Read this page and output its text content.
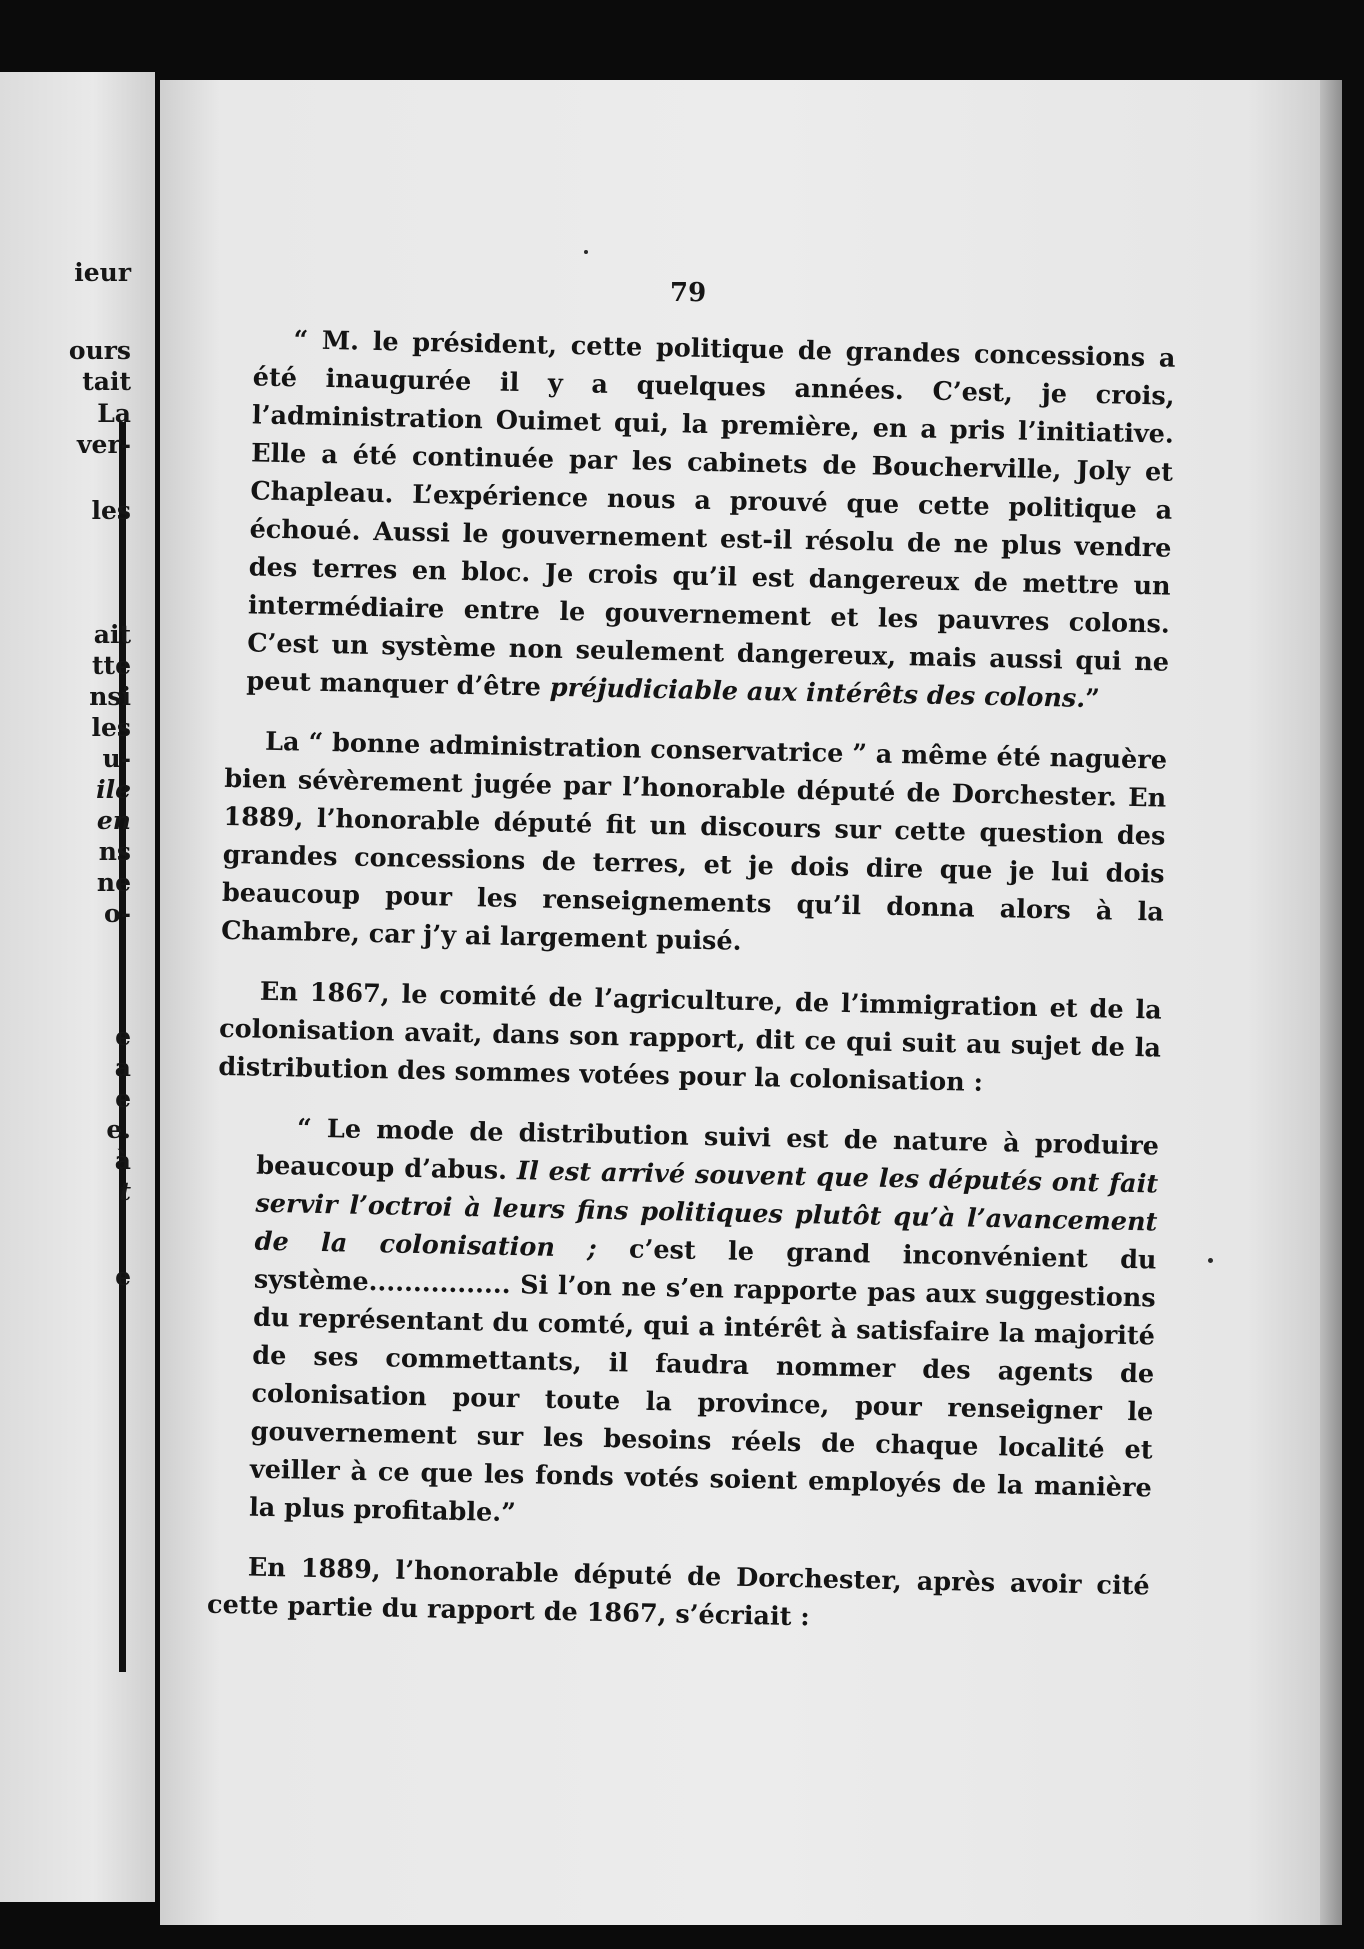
ieur
ours
tait
La
ver-
les
ait
tte
nsi
les
u-
ile
en
ns
ne
o-
e
a
e
e.
à
t
e
79

“ M. le président, cette politique de grandes concessions a été inaugurée il y a quelques années. C’est, je crois, l’administration Ouimet qui, la première, en a pris l’initiative. Elle a été continuée par les cabinets de Boucherville, Joly et Chapleau. L’expérience nous a prouvé que cette politique a échoué. Aussi le gouvernement est-il résolu de ne plus vendre des terres en bloc. Je crois qu’il est dangereux de mettre un intermédiaire entre le gouvernement et les pauvres colons. C’est un système non seulement dangereux, mais aussi qui ne peut manquer d’être préjudiciable aux intérêts des colons.”

La “ bonne administration conservatrice ” a même été naguère bien sévèrement jugée par l’honorable député de Dorchester. En 1889, l’honorable député fit un discours sur cette question des grandes concessions de terres, et je dois dire que je lui dois beaucoup pour les renseignements qu’il donna alors à la Chambre, car j’y ai largement puisé.

En 1867, le comité de l’agriculture, de l’immigration et de la colonisation avait, dans son rapport, dit ce qui suit au sujet de la distribution des sommes votées pour la colonisation :

“ Le mode de distribution suivi est de nature à produire beaucoup d’abus. Il est arrivé souvent que les députés ont fait servir l’octroi à leurs fins politiques plutôt qu’à l’avancement de la colonisation ; c’est le grand inconvénient du système................ Si l’on ne s’en rapporte pas aux suggestions du représentant du comté, qui a intérêt à satisfaire la majorité de ses commettants, il faudra nommer des agents de colonisation pour toute la province, pour renseigner le gouvernement sur les besoins réels de chaque localité et veiller à ce que les fonds votés soient employés de la manière la plus profitable.”

En 1889, l’honorable député de Dorchester, après avoir cité cette partie du rapport de 1867, s’écriait :
